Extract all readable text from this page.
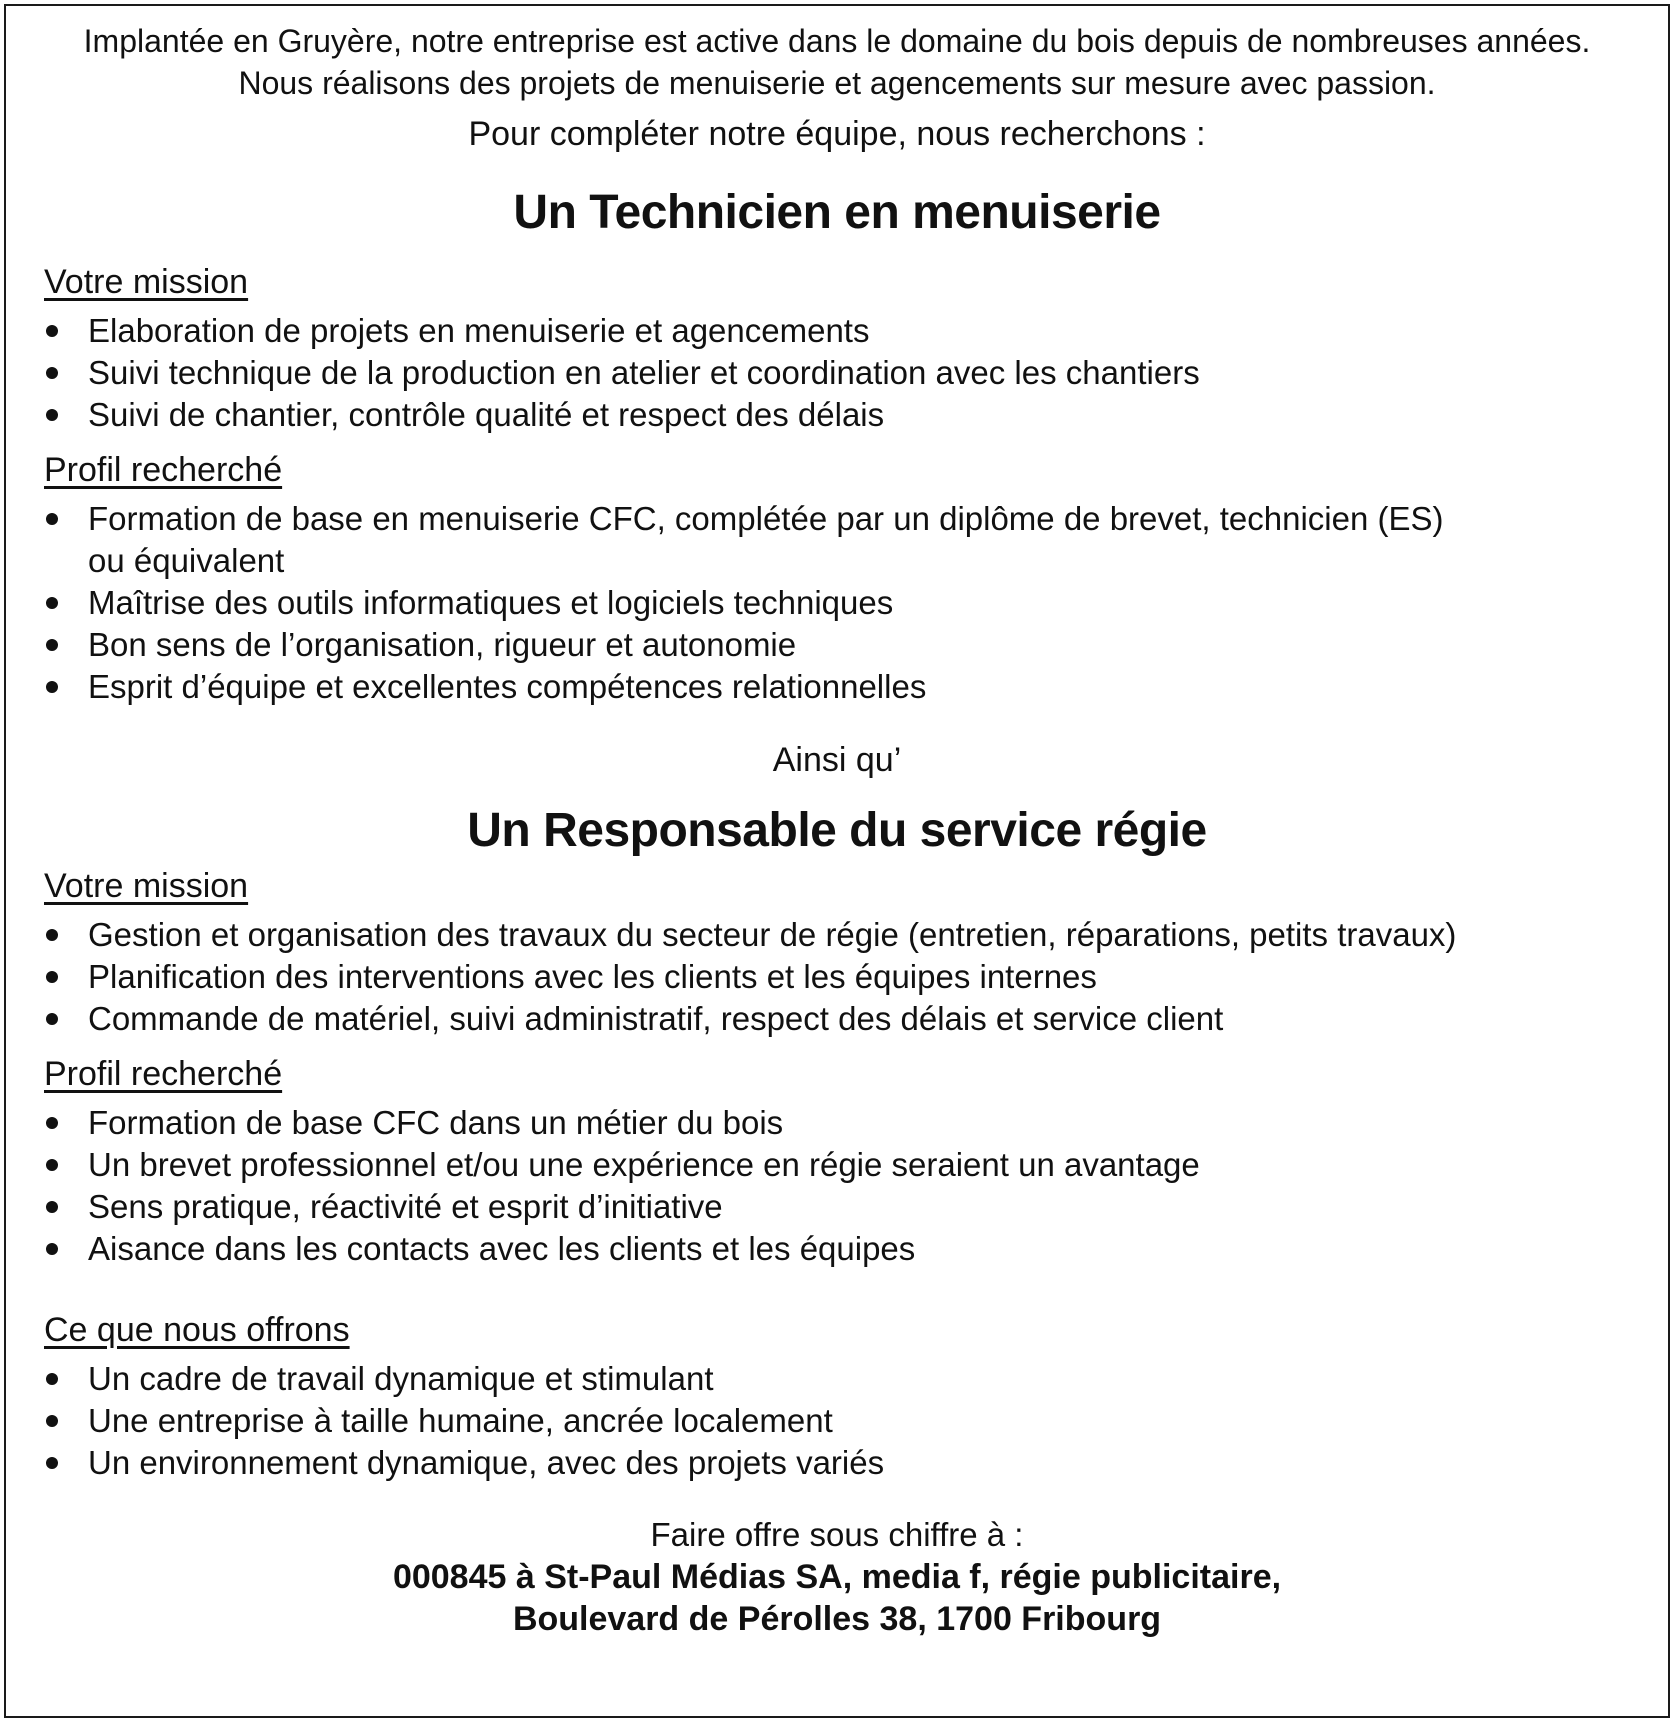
Implantée en Gruyère, notre entreprise est active dans le domaine du bois depuis de nombreuses années.
Nous réalisons des projets de menuiserie et agencements sur mesure avec passion.
Pour compléter notre équipe, nous recherchons :
Un Technicien en menuiserie
Votre mission
Elaboration de projets en menuiserie et agencements
Suivi technique de la production en atelier et coordination avec les chantiers
Suivi de chantier, contrôle qualité et respect des délais
Profil recherché
Formation de base en menuiserie CFC, complétée par un diplôme de brevet, technicien (ES) ou équivalent
Maîtrise des outils informatiques et logiciels techniques
Bon sens de l’organisation, rigueur et autonomie
Esprit d’équipe et excellentes compétences relationnelles
Ainsi qu’
Un Responsable du service régie
Votre mission
Gestion et organisation des travaux du secteur de régie (entretien, réparations, petits travaux)
Planification des interventions avec les clients et les équipes internes
Commande de matériel, suivi administratif, respect des délais et service client
Profil recherché
Formation de base CFC dans un métier du bois
Un brevet professionnel et/ou une expérience en régie seraient un avantage
Sens pratique, réactivité et esprit d’initiative
Aisance dans les contacts avec les clients et les équipes
Ce que nous offrons
Un cadre de travail dynamique et stimulant
Une entreprise à taille humaine, ancrée localement
Un environnement dynamique, avec des projets variés
Faire offre sous chiffre à :
000845 à St-Paul Médias SA, media f, régie publicitaire,
Boulevard de Pérolles 38, 1700 Fribourg
